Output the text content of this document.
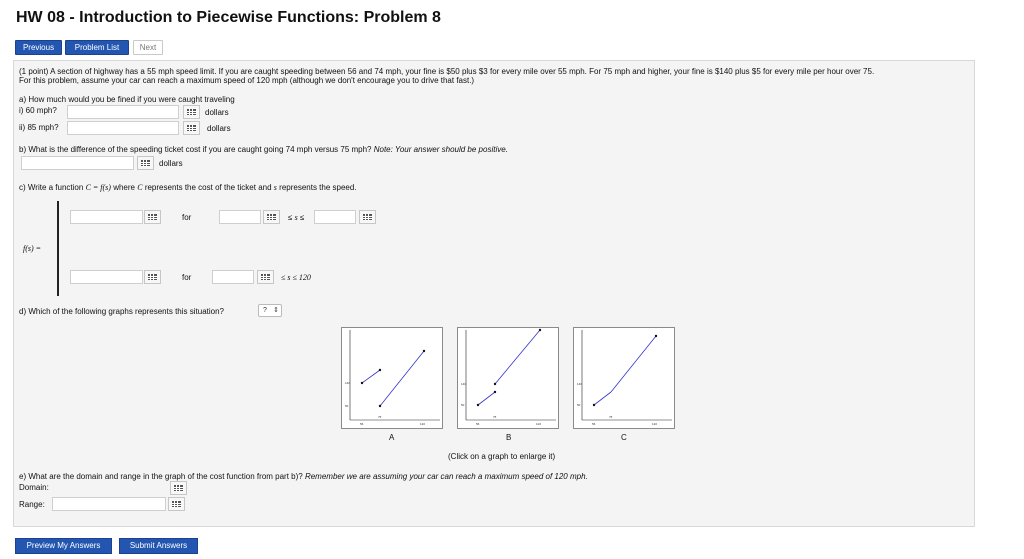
HW 08 - Introduction to Piecewise Functions: Problem 8
Previous	Problem List	Next
(1 point) A section of highway has a 55 mph speed limit. If you are caught speeding between 56 and 74 mph, your fine is $50 plus $3 for every mile over 55 mph. For 75 mph and higher, your fine is $140 plus $5 for every mile per hour over 75.
For this problem, assume your car can reach a maximum speed of 120 mph (although we don't encourage you to drive that fast.)
a) How much would you be fined if you were caught traveling
i) 60 mph?	dollars
ii) 85 mph?	dollars
b) What is the difference of the speeding ticket cost if you are caught going 74 mph versus 75 mph? Note: Your answer should be positive.
dollars
c) Write a function C = f(s) where C represents the cost of the ticket and s represents the speed.
f(s) =
for	≤ s ≤
for	≤ s ≤ 120
d) Which of the following graphs represents this situation?	? ⇕
140
50
56
75
120
A
140
50
56
75
120
B
140
50
56
75
120
C
(Click on a graph to enlarge it)
e) What are the domain and range in the graph of the cost function from part b)? Remember we are assuming your car can reach a maximum speed of 120 mph.
Domain:
Range:
Preview My Answers	Submit Answers
